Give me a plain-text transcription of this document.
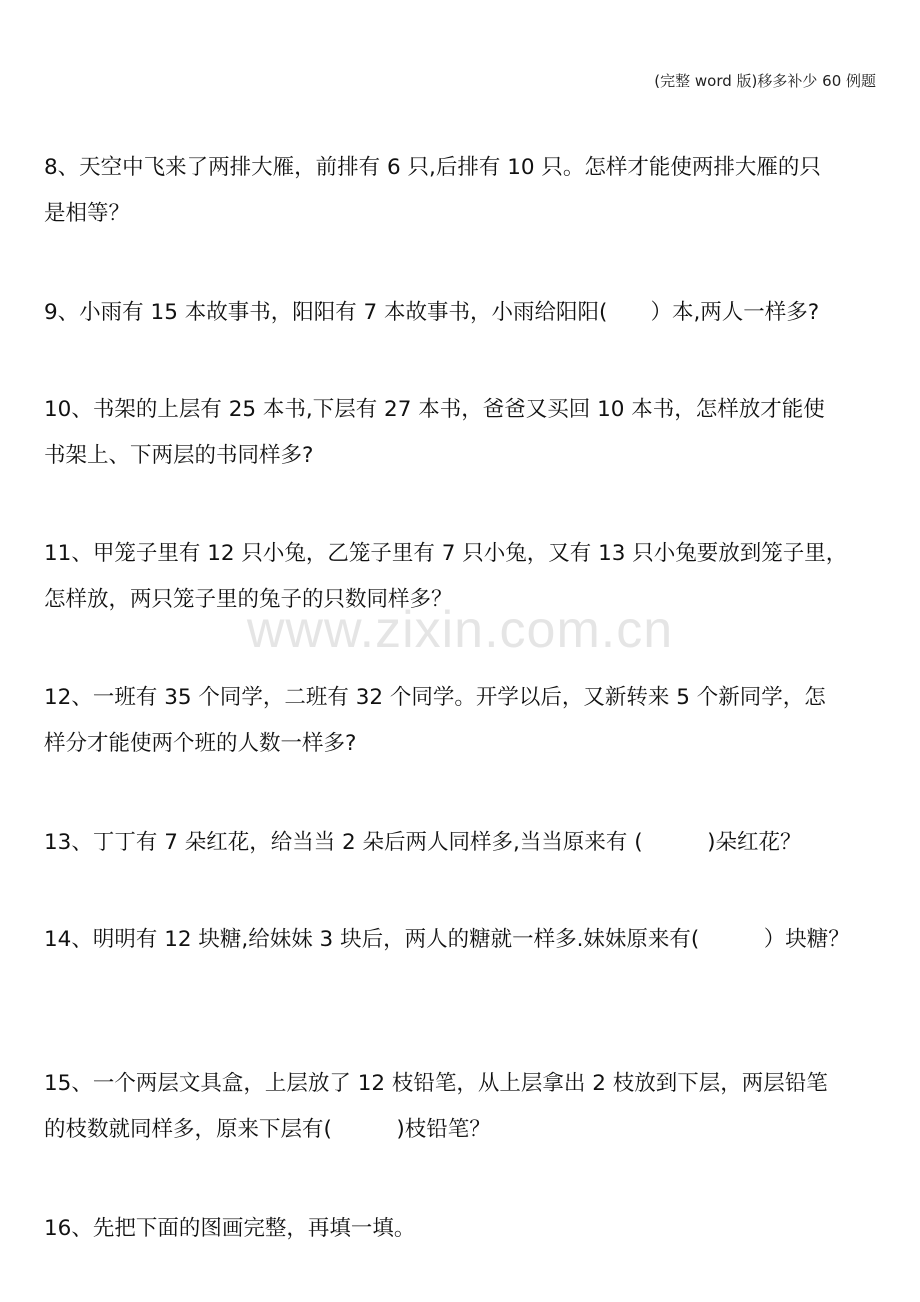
(完整 word 版)移多补少 60 例题
www.zixin.com.cn
8、天空中飞来了两排大雁，前排有 6 只,后排有 10 只。怎样才能使两排大雁的只
是相等？
9、小雨有 15 本故事书，阳阳有 7 本故事书，小雨给阳阳(　　）本,两人一样多?
10、书架的上层有 25 本书,下层有 27 本书，爸爸又买回 10 本书，怎样放才能使
书架上、下两层的书同样多?
11、甲笼子里有 12 只小兔，乙笼子里有 7 只小兔，又有 13 只小兔要放到笼子里，
怎样放，两只笼子里的兔子的只数同样多？
12、一班有 35 个同学，二班有 32 个同学。开学以后，又新转来 5 个新同学，怎
样分才能使两个班的人数一样多?
13、丁丁有 7 朵红花，给当当 2 朵后两人同样多,当当原来有 (　　　)朵红花？
14、明明有 12 块糖,给妹妹 3 块后，两人的糖就一样多.妹妹原来有(　　　）块糖？
15、一个两层文具盒，上层放了 12 枝铅笔，从上层拿出 2 枝放到下层，两层铅笔
的枝数就同样多，原来下层有(　　　)枝铅笔？
16、先把下面的图画完整，再填一填。
